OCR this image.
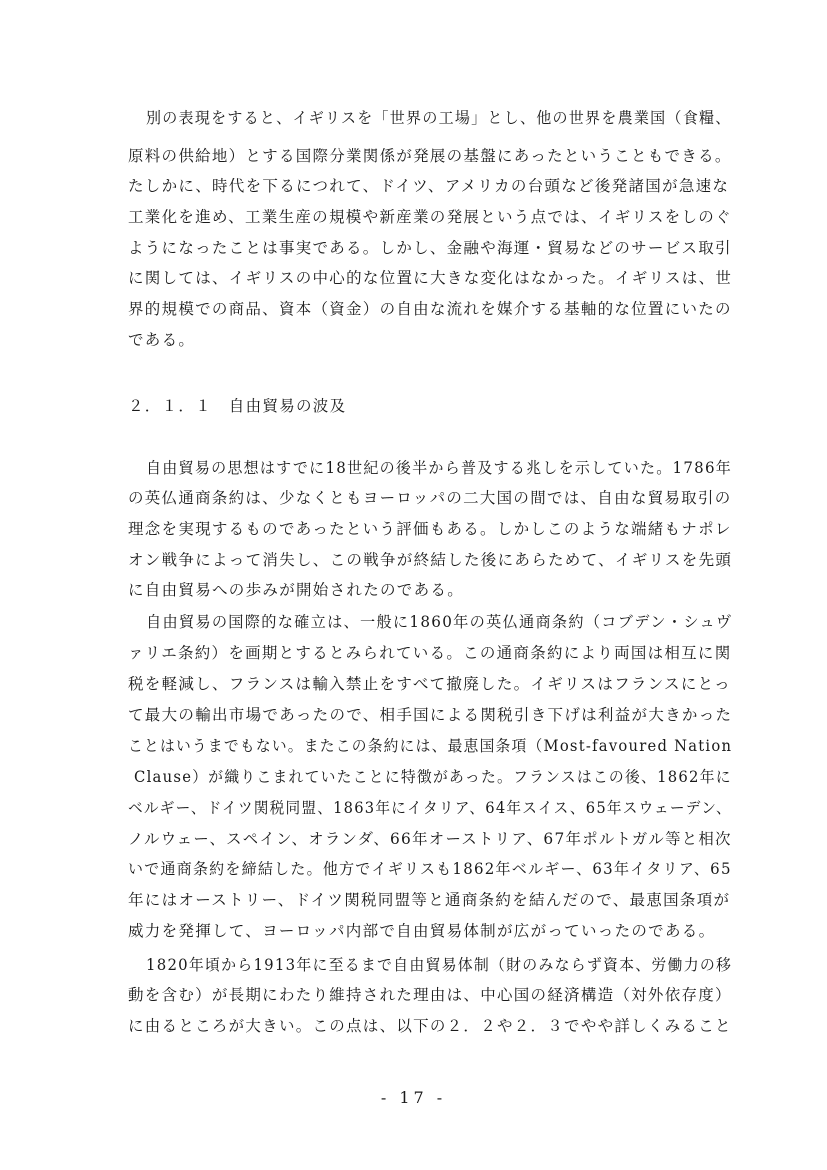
別の表現をすると、イギリスを「世界の工場」とし、他の世界を農業国（食糧、
原料の供給地）とする国際分業関係が発展の基盤にあったということもできる。
たしかに、時代を下るにつれて、ドイツ、アメリカの台頭など後発諸国が急速な
工業化を進め、工業生産の規模や新産業の発展という点では、イギリスをしのぐ
ようになったことは事実である。しかし、金融や海運・貿易などのサービス取引
に関しては、イギリスの中心的な位置に大きな変化はなかった。イギリスは、世
界的規模での商品、資本（資金）の自由な流れを媒介する基軸的な位置にいたの
である。
２．１．１　自由貿易の波及
自由貿易の思想はすでに18世紀の後半から普及する兆しを示していた。1786年
の英仏通商条約は、少なくともヨーロッパの二大国の間では、自由な貿易取引の
理念を実現するものであったという評価もある。しかしこのような端緒もナポレ
オン戦争によって消失し、この戦争が終結した後にあらためて、イギリスを先頭
に自由貿易への歩みが開始されたのである。
自由貿易の国際的な確立は、一般に1860年の英仏通商条約（コブデン・シュヴ
ァリエ条約）を画期とするとみられている。この通商条約により両国は相互に関
税を軽減し、フランスは輸入禁止をすべて撤廃した。イギリスはフランスにとっ
て最大の輸出市場であったので、相手国による関税引き下げは利益が大きかった
ことはいうまでもない。またこの条約には、最恵国条項（Most-favoured Nation
Clause）が織りこまれていたことに特徴があった。フランスはこの後、1862年に
ベルギー、ドイツ関税同盟、1863年にイタリア、64年スイス、65年スウェーデン、
ノルウェー、スペイン、オランダ、66年オーストリア、67年ポルトガル等と相次
いで通商条約を締結した。他方でイギリスも1862年ベルギー、63年イタリア、65
年にはオーストリー、ドイツ関税同盟等と通商条約を結んだので、最恵国条項が
威力を発揮して、ヨーロッパ内部で自由貿易体制が広がっていったのである。
1820年頃から1913年に至るまで自由貿易体制（財のみならず資本、労働力の移
動を含む）が長期にわたり維持された理由は、中心国の経済構造（対外依存度）
に由るところが大きい。この点は、以下の２．２や２．３でやや詳しくみること
- 17 -
